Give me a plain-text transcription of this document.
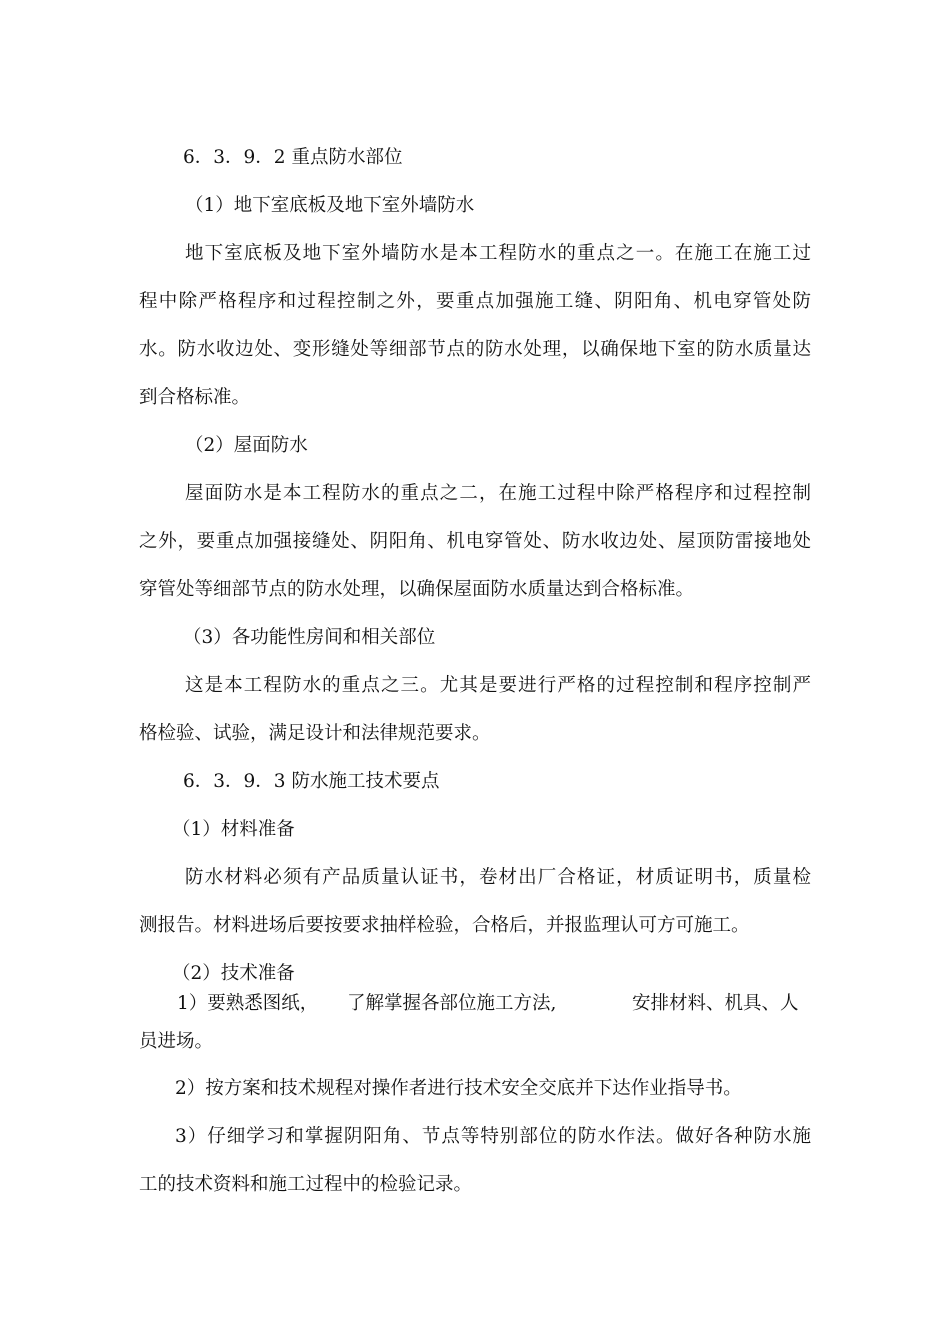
6．3．9．2 重点防水部位

（1）地下室底板及地下室外墙防水

地下室底板及地下室外墙防水是本工程防水的重点之一。在施工在施工过

程中除严格程序和过程控制之外，要重点加强施工缝、阴阳角、机电穿管处防

水。防水收边处、变形缝处等细部节点的防水处理，以确保地下室的防水质量达

到合格标准。

（2）屋面防水

屋面防水是本工程防水的重点之二，在施工过程中除严格程序和过程控制

之外，要重点加强接缝处、阴阳角、机电穿管处、防水收边处、屋顶防雷接地处

穿管处等细部节点的防水处理，以确保屋面防水质量达到合格标准。

（3）各功能性房间和相关部位

这是本工程防水的重点之三。尤其是要进行严格的过程控制和程序控制严

格检验、试验，满足设计和法律规范要求。

6．3．9．3 防水施工技术要点

（1）材料准备

防水材料必须有产品质量认证书，卷材出厂合格证，材质证明书，质量检

测报告。材料进场后要按要求抽样检验，合格后，并报监理认可方可施工。

（2）技术准备

1）要熟悉图纸， 了解掌握各部位施工方法,	安排材料、机具、人

员进场。

2）按方案和技术规程对操作者进行技术安全交底并下达作业指导书。

3）仔细学习和掌握阴阳角、节点等特别部位的防水作法。做好各种防水施

工的技术资料和施工过程中的检验记录。
